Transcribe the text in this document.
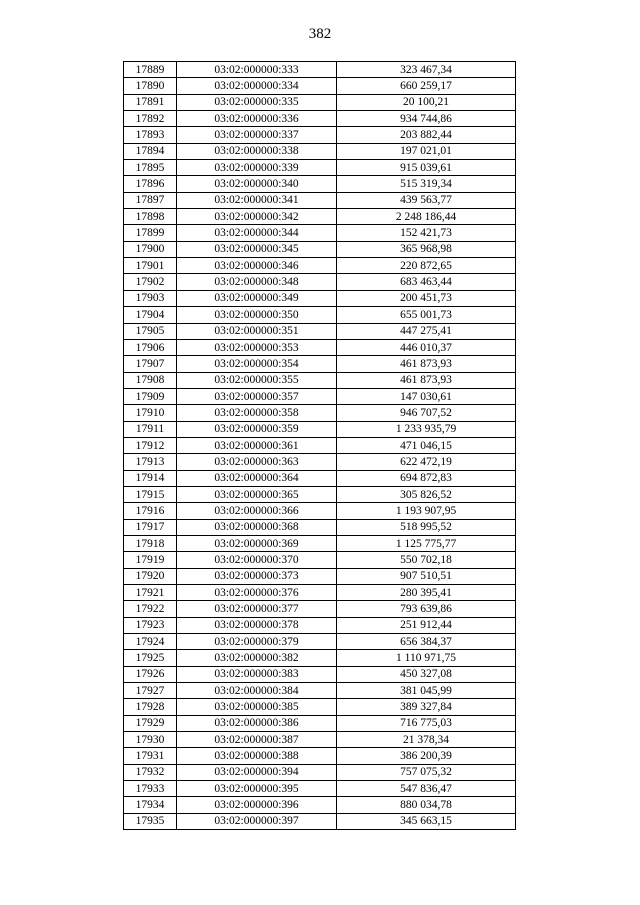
382
17889	03:02:000000:333	323 467,34
17890	03:02:000000:334	660 259,17
17891	03:02:000000:335	20 100,21
17892	03:02:000000:336	934 744,86
17893	03:02:000000:337	203 882,44
17894	03:02:000000:338	197 021,01
17895	03:02:000000:339	915 039,61
17896	03:02:000000:340	515 319,34
17897	03:02:000000:341	439 563,77
17898	03:02:000000:342	2 248 186,44
17899	03:02:000000:344	152 421,73
17900	03:02:000000:345	365 968,98
17901	03:02:000000:346	220 872,65
17902	03:02:000000:348	683 463,44
17903	03:02:000000:349	200 451,73
17904	03:02:000000:350	655 001,73
17905	03:02:000000:351	447 275,41
17906	03:02:000000:353	446 010,37
17907	03:02:000000:354	461 873,93
17908	03:02:000000:355	461 873,93
17909	03:02:000000:357	147 030,61
17910	03:02:000000:358	946 707,52
17911	03:02:000000:359	1 233 935,79
17912	03:02:000000:361	471 046,15
17913	03:02:000000:363	622 472,19
17914	03:02:000000:364	694 872,83
17915	03:02:000000:365	305 826,52
17916	03:02:000000:366	1 193 907,95
17917	03:02:000000:368	518 995,52
17918	03:02:000000:369	1 125 775,77
17919	03:02:000000:370	550 702,18
17920	03:02:000000:373	907 510,51
17921	03:02:000000:376	280 395,41
17922	03:02:000000:377	793 639,86
17923	03:02:000000:378	251 912,44
17924	03:02:000000:379	656 384,37
17925	03:02:000000:382	1 110 971,75
17926	03:02:000000:383	450 327,08
17927	03:02:000000:384	381 045,99
17928	03:02:000000:385	389 327,84
17929	03:02:000000:386	716 775,03
17930	03:02:000000:387	21 378,34
17931	03:02:000000:388	386 200,39
17932	03:02:000000:394	757 075,32
17933	03:02:000000:395	547 836,47
17934	03:02:000000:396	880 034,78
17935	03:02:000000:397	345 663,15
